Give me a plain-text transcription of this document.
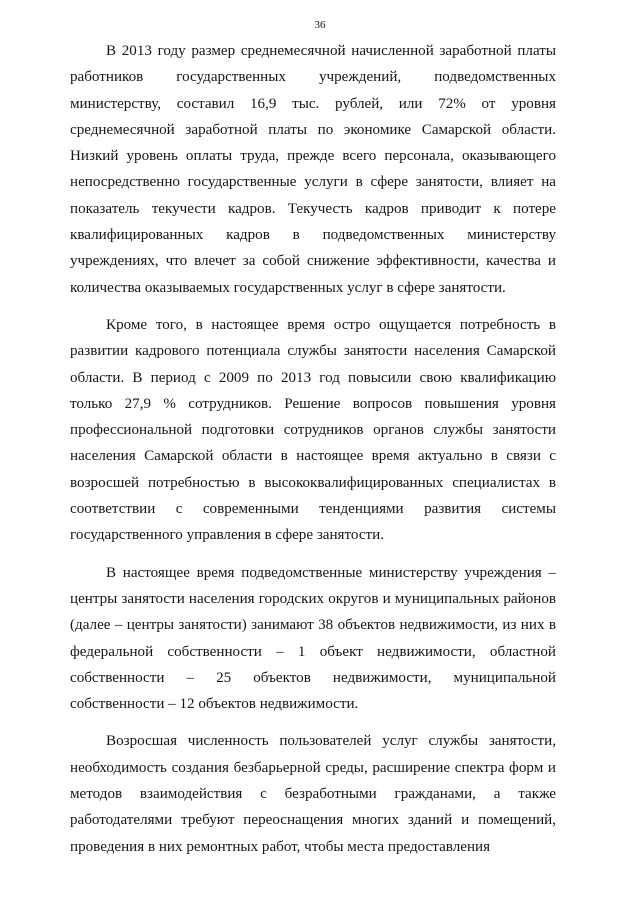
36

В 2013 году размер среднемесячной начисленной заработной платы работников государственных учреждений, подведомственных министерству, составил 16,9 тыс. рублей, или 72% от уровня среднемесячной заработной платы по экономике Самарской области. Низкий уровень оплаты труда, прежде всего персонала, оказывающего непосредственно государственные услуги в сфере занятости, влияет на показатель текучести кадров. Текучесть кадров приводит к потере квалифицированных кадров в подведомственных министерству учреждениях, что влечет за собой снижение эффективности, качества и количества оказываемых государственных услуг в сфере занятости.

Кроме того, в настоящее время остро ощущается потребность в развитии кадрового потенциала службы занятости населения Самарской области. В период с 2009 по 2013 год повысили свою квалификацию только 27,9 % сотрудников. Решение вопросов повышения уровня профессиональной подготовки сотрудников органов службы занятости населения Самарской области в настоящее время актуально в связи с возросшей потребностью в высококвалифицированных специалистах в соответствии с современными тенденциями развития системы государственного управления в сфере занятости.

В настоящее время подведомственные министерству учреждения – центры занятости населения городских округов и муниципальных районов (далее – центры занятости) занимают 38 объектов недвижимости, из них в федеральной собственности – 1 объект недвижимости, областной собственности – 25 объектов недвижимости, муниципальной собственности – 12 объектов недвижимости.

Возросшая численность пользователей услуг службы занятости, необходимость создания безбарьерной среды, расширение спектра форм и методов взаимодействия с безработными гражданами, а также работодателями требуют переоснащения многих зданий и помещений, проведения в них ремонтных работ, чтобы места предоставления
